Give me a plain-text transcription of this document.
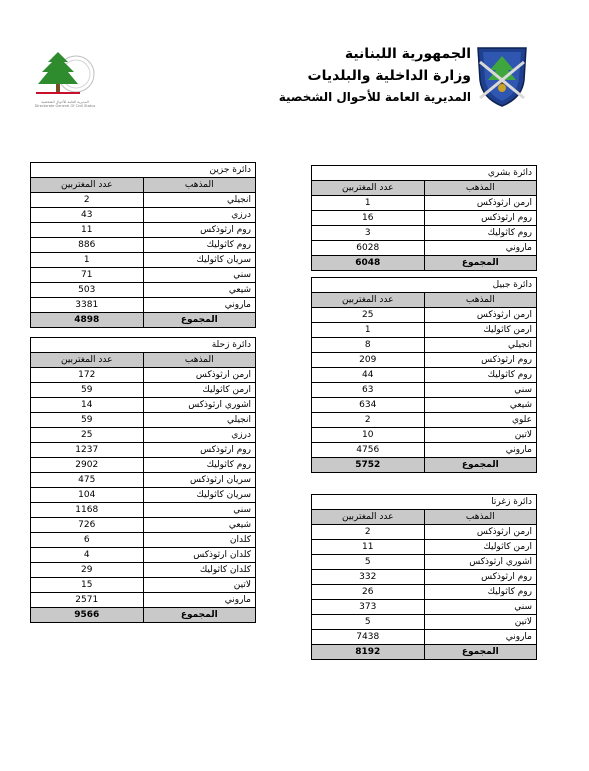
الجمهورية اللبنانية
وزارة الداخلية والبلديات
المديرية العامة للأحوال الشخصية
المديرية العامة للأحوال الشخصية
Directorate General Of Civil Status
دائرة جزين	
عدد المغتربين	المذهب
2	انجيلي
43	درزي
11	روم ارثوذكس
886	روم كاثوليك
1	سريان كاثوليك
71	سني
503	شيعي
3381	ماروني
4898	المجموع
دائرة زحلة	
عدد المغتربين	المذهب
172	ارمن ارثوذكس
59	ارمن كاثوليك
14	اشوري ارثوذكس
59	انجيلي
25	درزي
1237	روم ارثوذكس
2902	روم كاثوليك
475	سريان ارثوذكس
104	سريان كاثوليك
1168	سني
726	شيعي
6	كلدان
4	كلدان ارثوذكس
29	كلدان كاثوليك
15	لاتين
2571	ماروني
9566	المجموع
دائرة بشري	
عدد المغتربين	المذهب
1	ارمن ارثوذكس
16	روم ارثوذكس
3	روم كاثوليك
6028	ماروني
6048	المجموع
دائرة جبيل	
عدد المغتربين	المذهب
25	ارمن ارثوذكس
1	ارمن كاثوليك
8	انجيلي
209	روم ارثوذكس
44	روم كاثوليك
63	سني
634	شيعي
2	علوي
10	لاتين
4756	ماروني
5752	المجموع
دائرة زغرتا	
عدد المغتربين	المذهب
2	ارمن ارثوذكس
11	ارمن كاثوليك
5	اشوري ارثوذكس
332	روم ارثوذكس
26	روم كاثوليك
373	سني
5	لاتين
7438	ماروني
8192	المجموع
